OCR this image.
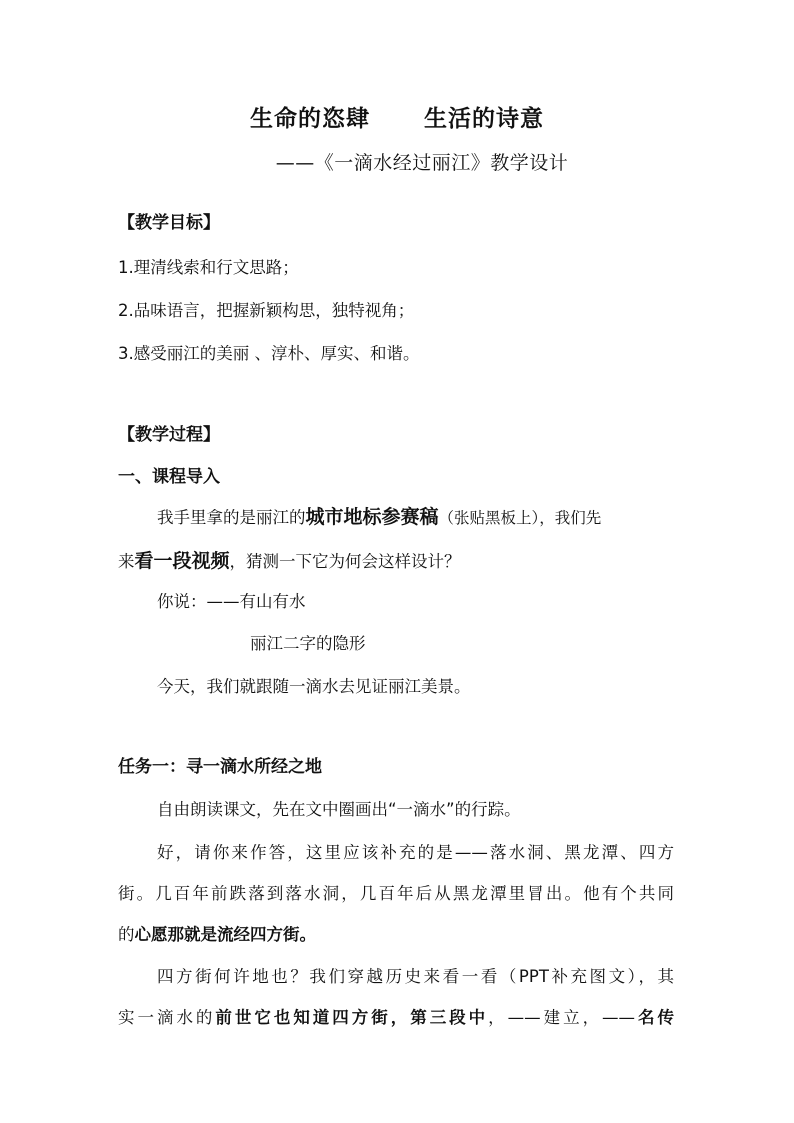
生命的恣肆      生活的诗意
——《一滴水经过丽江》教学设计
【教学目标】
1.理清线索和行文思路；
2.品味语言，把握新颖构思，独特视角；
3.感受丽江的美丽 、淳朴、厚实、和谐。
【教学过程】
一、课程导入
我手里拿的是丽江的城市地标参赛稿（张贴黑板上），我们先
来看一段视频，猜测一下它为何会这样设计？
你说：——有山有水
丽江二字的隐形
今天，我们就跟随一滴水去见证丽江美景。
任务一：寻一滴水所经之地
自由朗读课文，先在文中圈画出“一滴水”的行踪。
好，请你来作答，这里应该补充的是——落水洞、黑龙潭、四方
街。几百年前跌落到落水洞，几百年后从黑龙潭里冒出。他有个共同
的心愿那就是流经四方街。
四方街何许地也？我们穿越历史来看一看（PPT补充图文），其
实一滴水的前世它也知道四方街，第三段中，——建立，——名传
